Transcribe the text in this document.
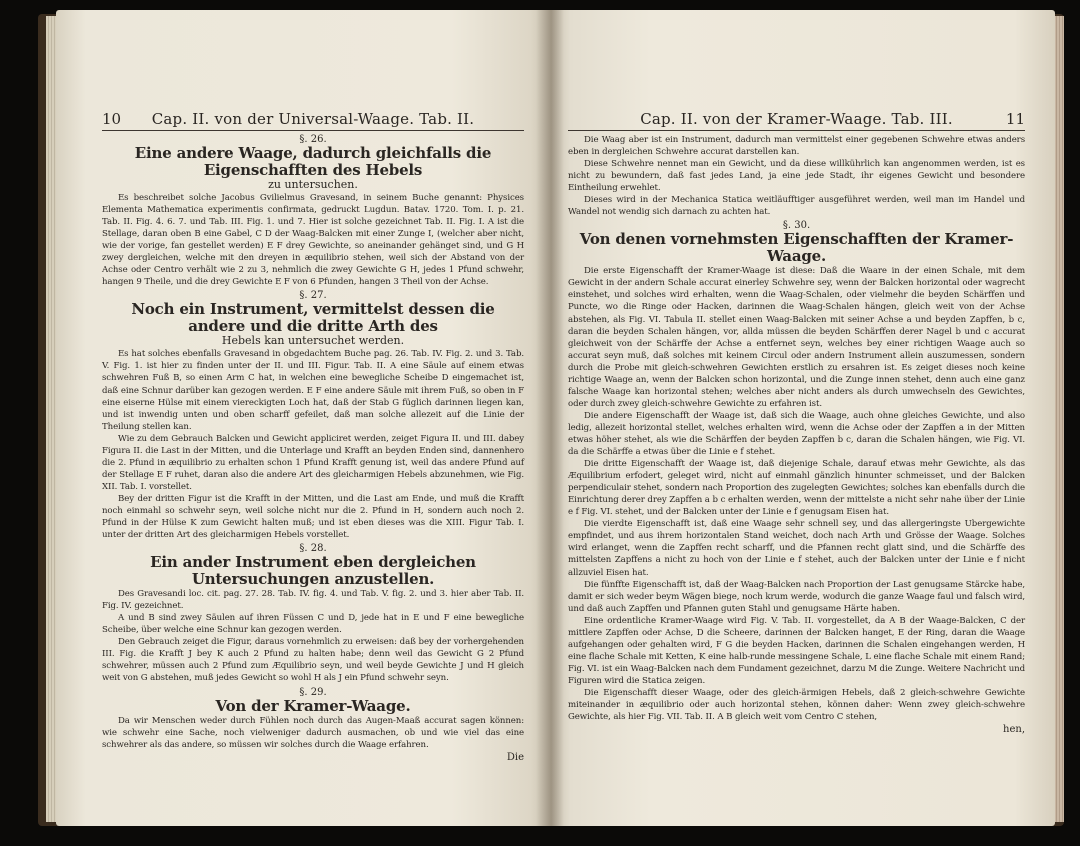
10	Cap. II. von der Universal-Waage. Tab. II.
§. 26.
Eine andere Waage, dadurch gleichfalls die Eigenschafften des Hebels
zu untersuchen.

Es beschreibet solche Jacobus Gvilielmus Gravesand, in seinem Buche genannt: Physices Elementa Mathematica experimentis confirmata, gedruckt Lugdun. Batav. 1720. Tom. I. p. 21. Tab. II. Fig. 4. 6. 7. und Tab. III. Fig. 1. und 7. Hier ist solche gezeichnet Tab. II. Fig. I. A ist die Stellage, daran oben B eine Gabel, C D der Waag-Balcken mit einer Zunge I, (welcher aber nicht, wie der vorige, fan gestellet werden) E F drey Gewichte, so aneinander gehänget sind, und G H zwey dergleichen, welche mit den dreyen in æquilibrio stehen, weil sich der Abstand von der Achse oder Centro verhält wie 2 zu 3, nehmlich die zwey Gewichte G H, jedes 1 Pfund schwehr, hangen 9 Theile, und die drey Gewichte E F von 6 Pfunden, hangen 3 Theil von der Achse.

§. 27.
Noch ein Instrument, vermittelst dessen die andere und die dritte Arth des
Hebels kan untersuchet werden.

Es hat solches ebenfalls Gravesand in obgedachtem Buche pag. 26. Tab. IV. Fig. 2. und 3. Tab. V. Fig. 1. ist hier zu finden unter der II. und III. Figur. Tab. II. A eine Säule auf einem etwas schwehren Fuß B, so einen Arm C hat, in welchen eine bewegliche Scheibe D eingemachet ist, daß eine Schnur darüber kan gezogen werden. E F eine andere Säule mit ihrem Fuß, so oben in F eine eiserne Hülse mit einem viereckigten Loch hat, daß der Stab G füglich darinnen liegen kan, und ist inwendig unten und oben scharff gefeilet, daß man solche allezeit auf die Linie der Theilung stellen kan.

Wie zu dem Gebrauch Balcken und Gewicht appliciret werden, zeiget Figura II. und III. dabey Figura II. die Last in der Mitten, und die Unterlage und Krafft an beyden Enden sind, dannenhero die 2. Pfund in æquilibrio zu erhalten schon 1 Pfund Krafft genung ist, weil das andere Pfund auf der Stellage E F ruhet, daran also die andere Art des gleicharmigen Hebels abzunehmen, wie Fig. XII. Tab. I. vorstellet.

Bey der dritten Figur ist die Krafft in der Mitten, und die Last am Ende, und muß die Krafft noch einmahl so schwehr seyn, weil solche nicht nur die 2. Pfund in H, sondern auch noch 2. Pfund in der Hülse K zum Gewicht halten muß; und ist eben dieses was die XIII. Figur Tab. I. unter der dritten Art des gleicharmigen Hebels vorstellet.

§. 28.
Ein ander Instrument eben dergleichen Untersuchungen anzustellen.

Des Gravesandi loc. cit. pag. 27. 28. Tab. IV. fig. 4. und Tab. V. fig. 2. und 3. hier aber Tab. II. Fig. IV. gezeichnet.

A und B sind zwey Säulen auf ihren Füssen C und D, jede hat in E und F eine bewegliche Scheibe, über welche eine Schnur kan gezogen werden.

Den Gebrauch zeiget die Figur, daraus vornehmlich zu erweisen: daß bey der vorhergehenden III. Fig. die Krafft J bey K auch 2 Pfund zu halten habe; denn weil das Gewicht G 2 Pfund schwehrer, müssen auch 2 Pfund zum Æquilibrio seyn, und weil beyde Gewichte J und H gleich weit von G abstehen, muß jedes Gewicht so wohl H als J ein Pfund schwehr seyn.

§. 29.
Von der Kramer-Waage.

Da wir Menschen weder durch Fühlen noch durch das Augen-Maaß accurat sagen können: wie schwehr eine Sache, noch vielweniger dadurch ausmachen, ob und wie viel das eine schwehrer als das andere, so müssen wir solches durch die Waage erfahren.

Die
Cap. II. von der Kramer-Waage. Tab. III.	11

Die Waag aber ist ein Instrument, dadurch man vermittelst einer gegebenen Schwehre etwas anders eben in dergleichen Schwehre accurat darstellen kan.

Diese Schwehre nennet man ein Gewicht, und da diese willkührlich kan angenommen werden, ist es nicht zu bewundern, daß fast jedes Land, ja eine jede Stadt, ihr eigenes Gewicht und besondere Eintheilung erwehlet.

Dieses wird in der Mechanica Statica weitläufftiger ausgeführet werden, weil man im Handel und Wandel not wendig sich darnach zu achten hat.

§. 30.
Von denen vornehmsten Eigenschafften der Kramer-Waage.

Die erste Eigenschafft der Kramer-Waage ist diese: Daß die Waare in der einen Schale, mit dem Gewicht in der andern Schale accurat einerley Schwehre sey, wenn der Balcken horizontal oder wagrecht einstehet, und solches wird erhalten, wenn die Waag-Schalen, oder vielmehr die beyden Schärffen und Puncte, wo die Ringe oder Hacken, darinnen die Waag-Schalen hängen, gleich weit von der Achse abstehen, als Fig. VI. Tabula II. stellet einen Waag-Balcken mit seiner Achse a und beyden Zapffen, b c, daran die beyden Schalen hängen, vor, allda müssen die beyden Schärffen derer Nagel b und c accurat gleichweit von der Schärffe der Achse a entfernet seyn, welches bey einer richtigen Waage auch so accurat seyn muß, daß solches mit keinem Circul oder andern Instrument allein auszumessen, sondern durch die Probe mit gleich-schwehren Gewichten erstlich zu ersahren ist. Es zeiget dieses noch keine richtige Waage an, wenn der Balcken schon horizontal, und die Zunge innen stehet, denn auch eine ganz falsche Waage kan horizontal stehen; welches aber nicht anders als durch umwechseln des Gewichtes, oder durch zwey gleich-schwehre Gewichte zu erfahren ist.

Die andere Eigenschafft der Waage ist, daß sich die Waage, auch ohne gleiches Gewichte, und also ledig, allezeit horizontal stellet, welches erhalten wird, wenn die Achse oder der Zapffen a in der Mitten etwas höher stehet, als wie die Schärffen der beyden Zapffen b c, daran die Schalen hängen, wie Fig. VI. da die Schärffe a etwas über die Linie e f stehet.

Die dritte Eigenschafft der Waage ist, daß diejenige Schale, darauf etwas mehr Gewichte, als das Æquilibrium erfodert, geleget wird, nicht auf einmahl gänzlich hinunter schmeisset, und der Balcken perpendiculair stehet, sondern nach Proportion des zugelegten Gewichtes; solches kan ebenfalls durch die Einrichtung derer drey Zapffen a b c erhalten werden, wenn der mittelste a nicht sehr nahe über der Linie e f Fig. VI. stehet, und der Balcken unter der Linie e f genugsam Eisen hat.

Die vierdte Eigenschafft ist, daß eine Waage sehr schnell sey, und das allergeringste Ubergewichte empfindet, und aus ihrem horizontalen Stand weichet, doch nach Arth und Grösse der Waage. Solches wird erlanget, wenn die Zapffen recht scharff, und die Pfannen recht glatt sind, und die Schärffe des mittelsten Zapffens a nicht zu hoch von der Linie e f stehet, auch der Balcken unter der Linie e f nicht allzuviel Eisen hat.

Die fünffte Eigenschafft ist, daß der Waag-Balcken nach Proportion der Last genugsame Stärcke habe, damit er sich weder beym Wägen biege, noch krum werde, wodurch die ganze Waage faul und falsch wird, und daß auch Zapffen und Pfannen guten Stahl und genugsame Härte haben.

Eine ordentliche Kramer-Waage wird Fig. V. Tab. II. vorgestellet, da A B der Waage-Balcken, C der mittlere Zapffen oder Achse, D die Scheere, darinnen der Balcken hanget, E der Ring, daran die Waage aufgehangen oder gehalten wird, F G die beyden Hacken, darinnen die Schalen eingehangen werden, H eine flache Schale mit Ketten, K eine halb-runde messingene Schale, L eine flache Schale mit einem Rand; Fig. VI. ist ein Waag-Balcken nach dem Fundament gezeichnet, darzu M die Zunge. Weitere Nachricht und Figuren wird die Statica zeigen.

Die Eigenschafft dieser Waage, oder des gleich-ärmigen Hebels, daß 2 gleich-schwehre Gewichte miteinander in æquilibrio oder auch horizontal stehen, können daher: Wenn zwey gleich-schwehre Gewichte, als hier Fig. VII. Tab. II. A B gleich weit vom Centro C stehen,

hen,
